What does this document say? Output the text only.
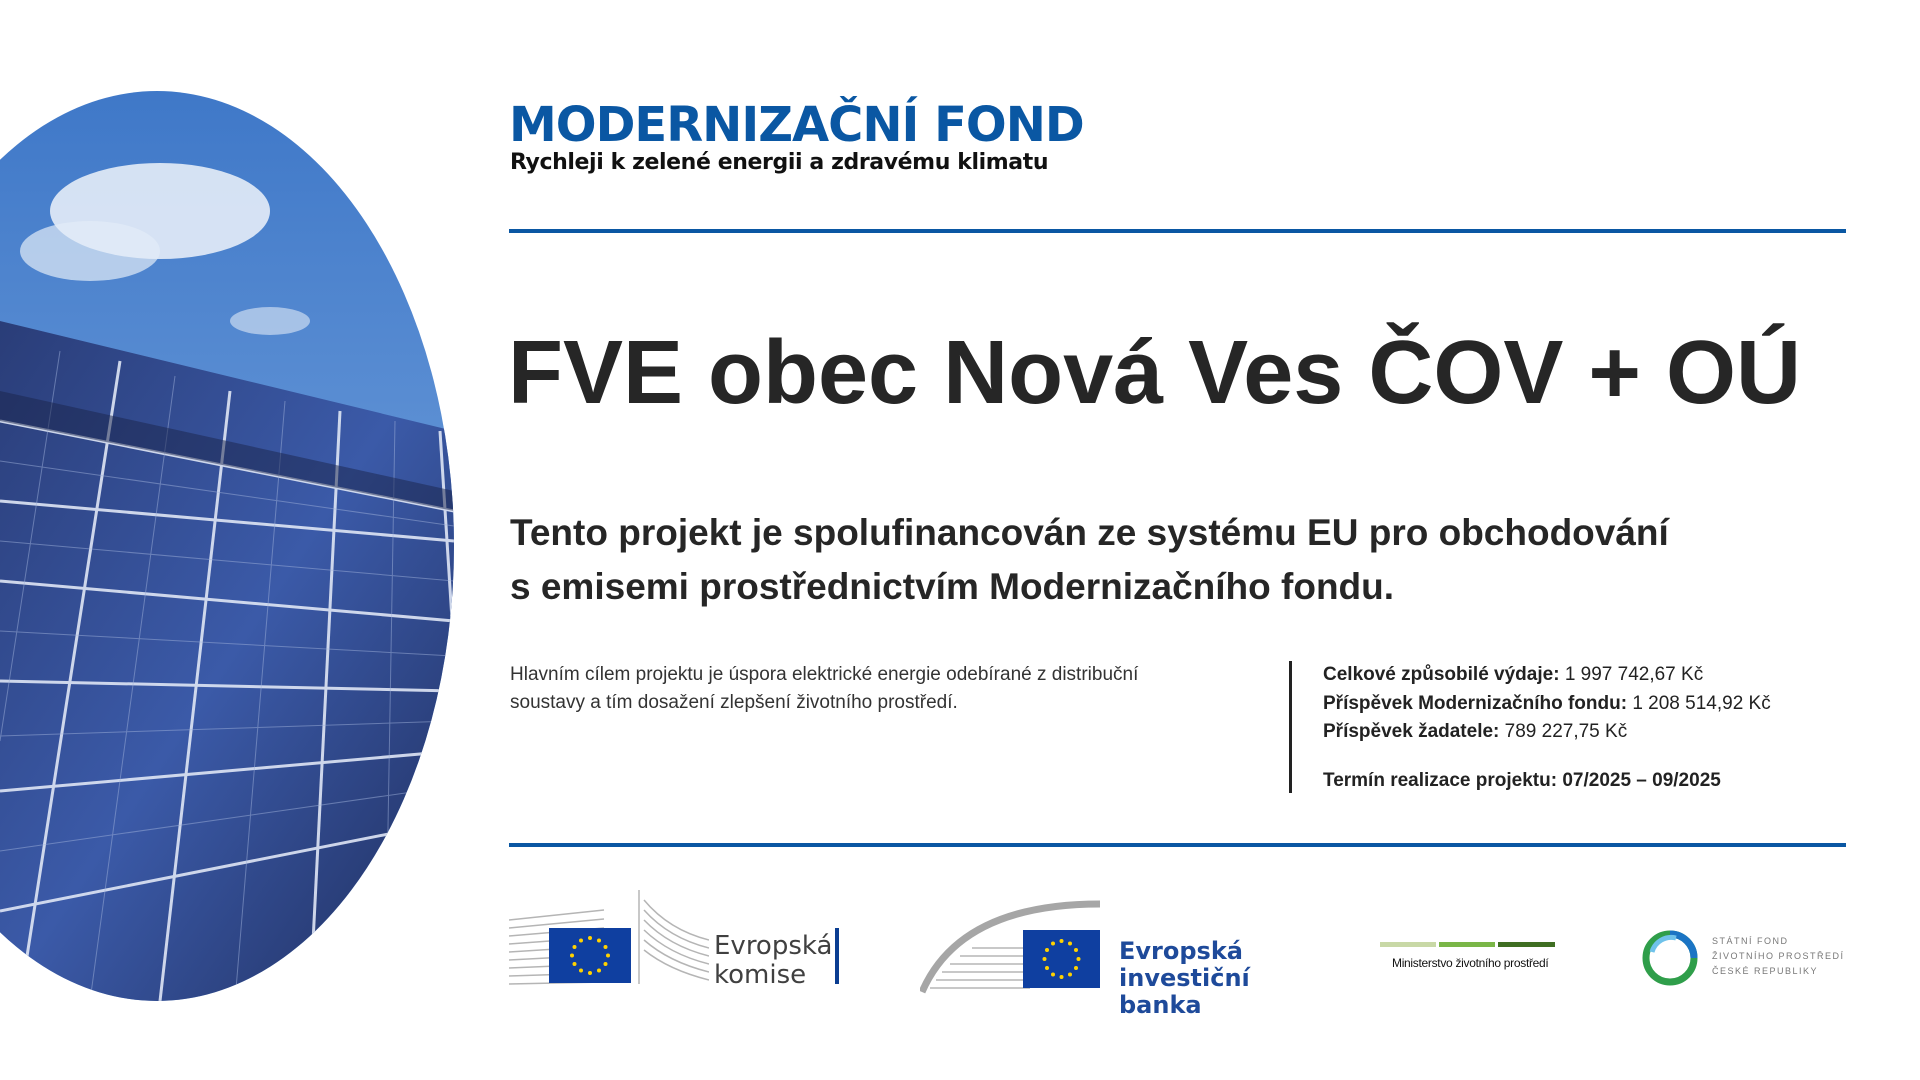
MODERNIZAČNÍ FOND
Rychleji k zelené energii a zdravému klimatu
FVE obec Nová Ves ČOV + OÚ
Tento projekt je spolufinancován ze systému EU pro obchodování
s emisemi prostřednictvím Modernizačního fondu.

Hlavním cílem projektu je úspora elektrické energie odebírané z distribuční soustavy a tím dosažení zlepšení životního prostředí.

Celkové způsobilé výdaje: 1 997 742,67 Kč
Příspěvek Modernizačního fondu: 1 208 514,92 Kč
Příspěvek žadatele: 789 227,75 Kč
Termín realizace projektu: 07/2025 – 09/2025
Evropská
komise
Evropská
investiční banka
Ministerstvo životního prostředí
STÁTNÍ FOND
ŽIVOTNÍHO PROSTŘEDÍ
ČESKÉ REPUBLIKY
